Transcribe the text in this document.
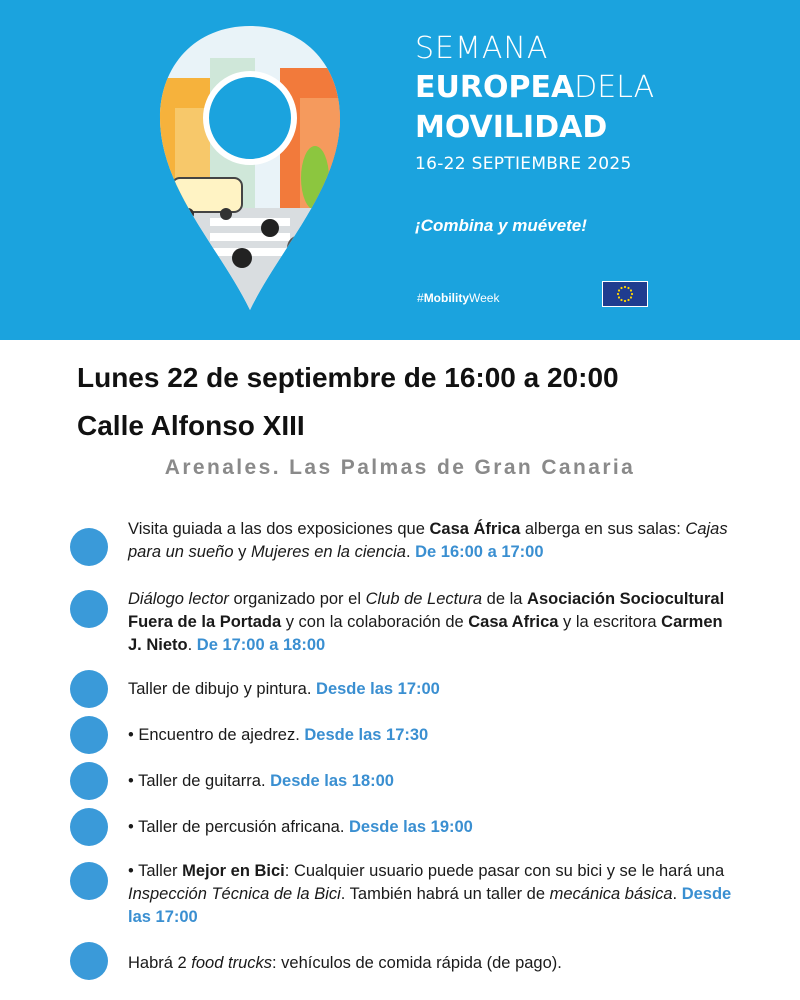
SEMANA
EUROPEADELA
MOVILIDAD
16-22 SEPTIEMBRE 2025
¡Combina y muévete!
#MobilityWeek
Lunes 22 de septiembre de 16:00 a 20:00
Calle Alfonso XIII
Arenales. Las Palmas de Gran Canaria
Visita guiada a las dos exposiciones que Casa África alberga en sus salas: Cajas para un sueño y Mujeres en la ciencia. De 16:00 a 17:00
Diálogo lector organizado por el Club de Lectura de la Asociación Sociocultural Fuera de la Portada y con la colaboración de Casa Africa y la escritora Carmen J. Nieto. De 17:00 a 18:00
Taller de dibujo y pintura. Desde las 17:00
• Encuentro de ajedrez. Desde las 17:30
• Taller de guitarra. Desde las 18:00
• Taller de percusión africana. Desde las 19:00
• Taller Mejor en Bici: Cualquier usuario puede pasar con su bici y se le hará una Inspección Técnica de la Bici. También habrá un taller de mecánica básica. Desde las 17:00
Habrá 2 food trucks: vehículos de comida rápida (de pago).
